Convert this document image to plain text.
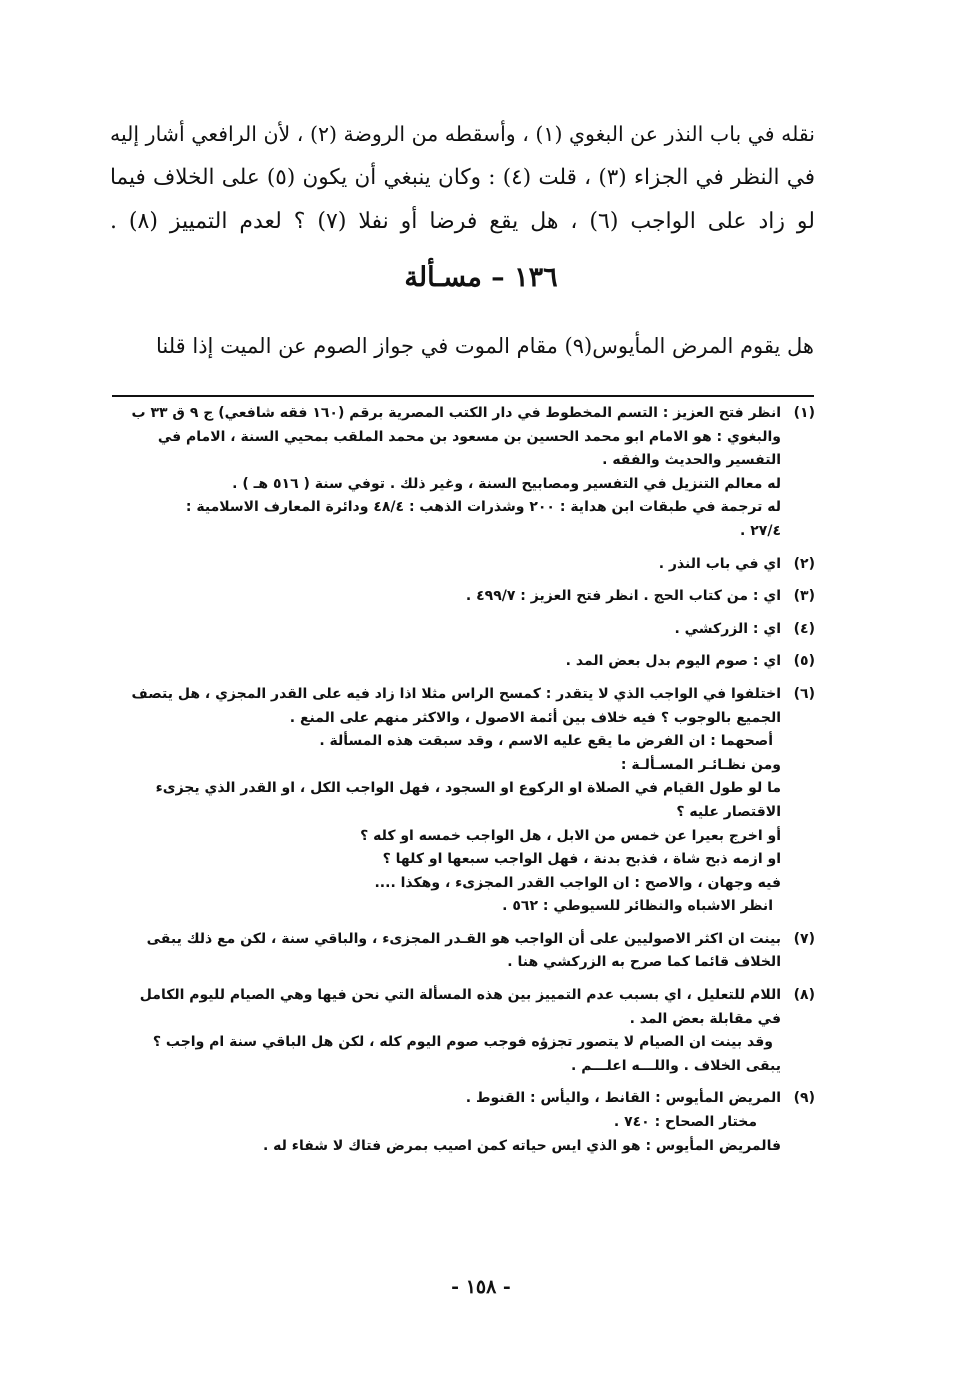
نقله في باب النذر عن البغوي (١) ، وأسقطه من الروضة (٢) ، لأن الرافعي أشار إليه
في النظر في الجزاء (٣) ، قلت (٤) : وكان ينبغي أن يكون (٥) على الخلاف فيما
لو زاد على الواجب (٦) ، هل يقع فرضا أو نفلا (٧) ؟ لعدم التمييز (٨) .
١٣٦ – مسـألة
هل يقوم المرض المأيوس(٩) مقام الموت في جواز الصوم عن الميت إذا قلنا
(١)
انظر فتح العزيز : التسم المخطوط في دار الكتب المصرية برقم (١٦٠ فقه شافعي) ج ٩ ق ٣٣ ب
والبغوي : هو الامام ابو محمد الحسين بن مسعود بن محمد الملقب بمحيي السنة ، الامام في
التفسير والحديث والفقه .
له معالم التنزيل في التفسير ومصابيح السنة ، وغير ذلك . توفي سنة ( ٥١٦ هـ ) .
له ترجمة في طبقات ابن هداية : ٢٠٠ وشذرات الذهب : ٤٨/٤ ودائرة المعارف الاسلامية :
٢٧/٤ .
(٢)
اي في باب النذر .
(٣)
اي : من كتاب الحج . انظر فتح العزيز : ٤٩٩/٧ .
(٤)
اي : الزركشي .
(٥)
اي : صوم اليوم بدل بعض المد .
(٦)
اختلفوا في الواجب الذي لا يتقدر : كمسح الراس مثلا اذا زاد فيه على القدر المجزي ، هل يتصف
الجميع بالوجوب ؟ فيه خلاف بين أئمة الاصول ، والاكثر منهم على المنع .
أصحهما : ان الفرض ما يقع عليه الاسم ، وقد سبقت هذه المسألة .
ومن نظـائـر المسـألـة :
ما لو طول القيام في الصلاة او الركوع او السجود ، فهل الواجب الكل ، او القدر الذي يجزىء
الاقتصار عليه ؟
أو اخرج بعيرا عن خمس من الابل ، هل الواجب خمسه او كله ؟
او ازمه ذبح شاة ، فذبح بدنة ، فهل الواجب سبعها او كلها ؟
فيه وجهان ، والاصح : ان الواجب القدر المجزىء ، وهكذا ....
انظر الاشباه والنظائر للسيوطي : ٥٦٢ .
(٧)
بينت ان اكثر الاصوليين على أن الواجب هو القـدر المجزىء ، والباقي سنة ، لكن مع ذلك يبقى
الخلاف قائما كما صرح به الزركشي هنا .
(٨)
اللام للتعليل ، اي بسبب عدم التمييز بين هذه المسألة التي نحن فيها وهي الصيام لليوم الكامل
في مقابلة بعض المد .
وقد بينت ان الصيام لا يتصور تجزؤه فوجب صوم اليوم كله ، لكن هل الباقي سنة ام واجب ؟
يبقى الخلاف . واللـــه اعلـــم .
(٩)
المريض المأيوس : القانط ، واليأس : القنوط .
مختار الصحاح : ٧٤٠ .
فالمريض المأيوس : هو الذي ايس حياته كمن اصيب بمرض فتاك لا شفاء له .
- ١٥٨ -
